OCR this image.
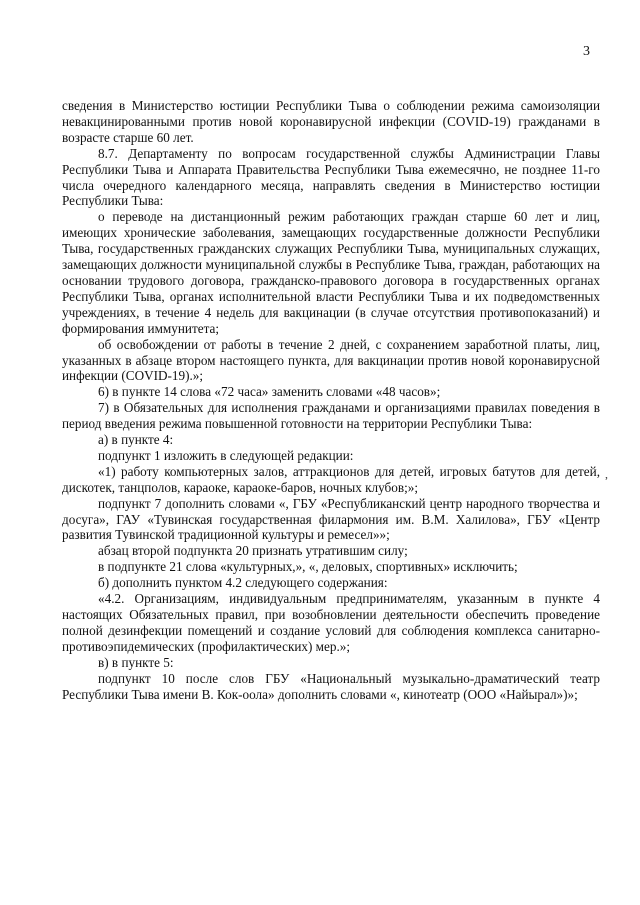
3
,

сведения в Министерство юстиции Республики Тыва о соблюдении режима самоизоляции невакцинированными против новой коронавирусной инфекции (COVID-19) гражданами в возрасте старше 60 лет.

8.7. Департаменту по вопросам государственной службы Администрации Главы Республики Тыва и Аппарата Правительства Республики Тыва ежемесячно, не позднее 11-го числа очередного календарного месяца, направлять сведения в Министерство юстиции Республики Тыва:

о переводе на дистанционный режим работающих граждан старше 60 лет и лиц, имеющих хронические заболевания, замещающих государственные должности Республики Тыва, государственных гражданских служащих Республики Тыва, муниципальных служащих, замещающих должности муниципальной службы в Республике Тыва, граждан, работающих на основании трудового договора, гражданско-правового договора в государственных органах Республики Тыва, органах исполнительной власти Республики Тыва и их подведомственных учреждениях, в течение 4 недель для вакцинации (в случае отсутствия противопоказаний) и формирования иммунитета;

об освобождении от работы в течение 2 дней, с сохранением заработной платы, лиц, указанных в абзаце втором настоящего пункта, для вакцинации против новой коронавирусной инфекции (COVID-19).»;

6) в пункте 14 слова «72 часа» заменить словами «48 часов»;

7) в Обязательных для исполнения гражданами и организациями правилах поведения в период введения режима повышенной готовности на территории Республики Тыва:

а) в пункте 4:

подпункт 1 изложить в следующей редакции:

«1) работу компьютерных залов, аттракционов для детей, игровых батутов для детей, дискотек, танцполов, караоке, караоке-баров, ночных клубов;»;

подпункт 7 дополнить словами «, ГБУ «Республиканский центр народного творчества и досуга», ГАУ «Тувинская государственная филармония им. В.М. Халилова», ГБУ «Центр развития Тувинской традиционной культуры и ремесел»»;

абзац второй подпункта 20 признать утратившим силу;

в подпункте 21 слова «культурных,», «, деловых, спортивных» исключить;

б) дополнить пунктом 4.2 следующего содержания:

«4.2. Организациям, индивидуальным предпринимателям, указанным в пункте 4 настоящих Обязательных правил, при возобновлении деятельности обеспечить проведение полной дезинфекции помещений и создание условий для соблюдения комплекса санитарно-противоэпидемических (профилактических) мер.»;

в) в пункте 5:

подпункт 10 после слов ГБУ «Национальный музыкально-драматический театр Республики Тыва имени В. Кок-оола» дополнить словами «, кинотеатр (ООО «Найырал»)»;
